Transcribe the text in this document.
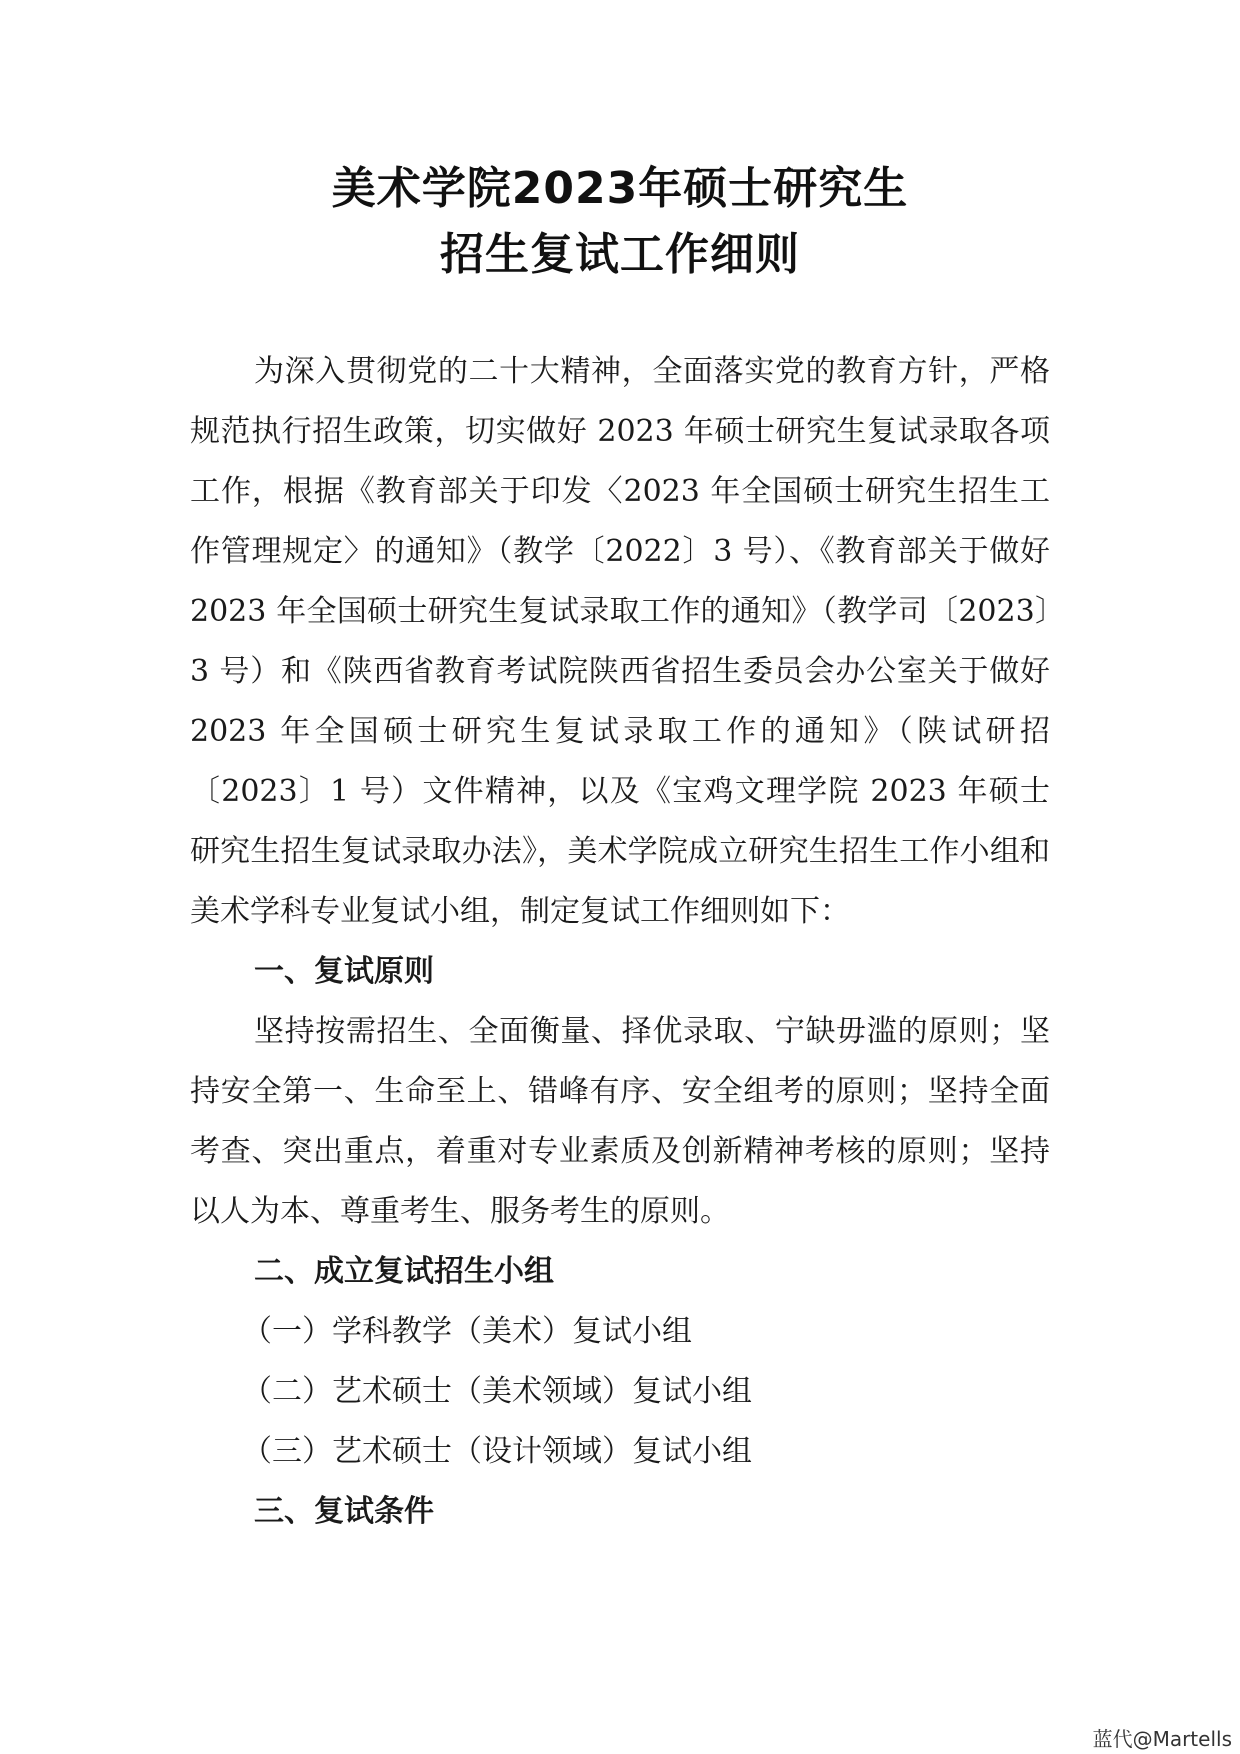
美术学院2023年硕士研究生
招生复试工作细则

为深入贯彻党的二十大精神，全面落实党的教育方针，严格规范执行招生政策，切实做好 2023 年硕士研究生复试录取各项工作，根据《教育部关于印发〈2023 年全国硕士研究生招生工作管理规定〉的通知》（教学〔2022〕3 号）、《教育部关于做好 2023 年全国硕士研究生复试录取工作的通知》（教学司〔2023〕3 号）和《陕西省教育考试院陕西省招生委员会办公室关于做好 2023 年全国硕士研究生复试录取工作的通知》（陕试研招〔2023〕1 号）文件精神，以及《宝鸡文理学院 2023 年硕士研究生招生复试录取办法》，美术学院成立研究生招生工作小组和美术学科专业复试小组，制定复试工作细则如下：

一、复试原则

坚持按需招生、全面衡量、择优录取、宁缺毋滥的原则；坚持安全第一、生命至上、错峰有序、安全组考的原则；坚持全面考查、突出重点，着重对专业素质及创新精神考核的原则；坚持以人为本、尊重考生、服务考生的原则。

二、成立复试招生小组

（一）学科教学（美术）复试小组

（二）艺术硕士（美术领域）复试小组

（三）艺术硕士（设计领域）复试小组

三、复试条件

蓝代@Martells
